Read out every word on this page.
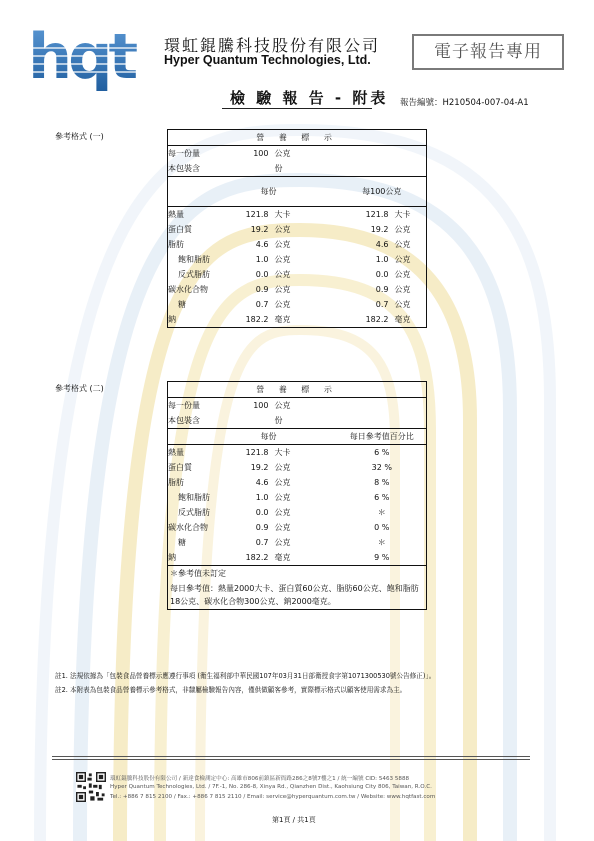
hqt 環虹錕騰科技股份有限公司
Hyper Quantum Technologies, Ltd.	電子報告專用
檢 驗 報 告 - 附表 報告編號：H210504-007-04-A1
參考格式 (一)	營 養 標 示					
每一份量	100	公克			
本包裝含		份			
	每份			每100公克	
熱量	121.8	大卡		121.8	大卡
蛋白質	19.2	公克		19.2	公克
脂肪	4.6	公克		4.6	公克
飽和脂肪	1.0	公克		1.0	公克
反式脂肪	0.0	公克		0.0	公克
碳水化合物	0.9	公克		0.9	公克
糖	0.7	公克		0.7	公克
鈉	182.2	毫克		182.2	毫克
參考格式 (二)	營 養 標 示				
每一份量	100	公克		
本包裝含		份		
	每份			每日參考值百分比
熱量	121.8	大卡		6 %
蛋白質	19.2	公克		32 %
脂肪	4.6	公克		8 %
飽和脂肪	1.0	公克		6 %
反式脂肪	0.0	公克		＊
碳水化合物	0.9	公克		0 %
糖	0.7	公克		＊
鈉	182.2	毫克		9 %
＊參考值未訂定				
每日參考值：熱量2000大卡、蛋白質60公克、脂肪60公克、飽和脂肪18公克、碳水化合物300公克、鈉2000毫克。				
註1. 法規依據為「包裝食品營養標示應遵行事項 (衛生福利部中華民國107年03月31日部衛授食字第1071300530號公告修正)」。
註2. 本附表為包裝食品營養標示參考格式，非隸屬檢驗報告內容，僅供做顧客參考，實際標示格式以顧客使用需求為主。
環虹錕騰科技股份有限公司 / 新達食檢測定中心: 高雄市806前鎮區新衙路286之8號7樓之1 / 統一編號 CID: 5463 5888
Hyper Quantum Technologies, Ltd. / 7F.-1, No. 286-8, Xinya Rd., Qianzhen Dist., Kaohsiung City 806, Taiwan, R.O.C.
Tel.: +886 7 815 2100 / Fax.: +886 7 815 2110 / Email: service@hyperquantum.com.tw / Website: www.hqtfast.com
第1頁 / 共1頁
